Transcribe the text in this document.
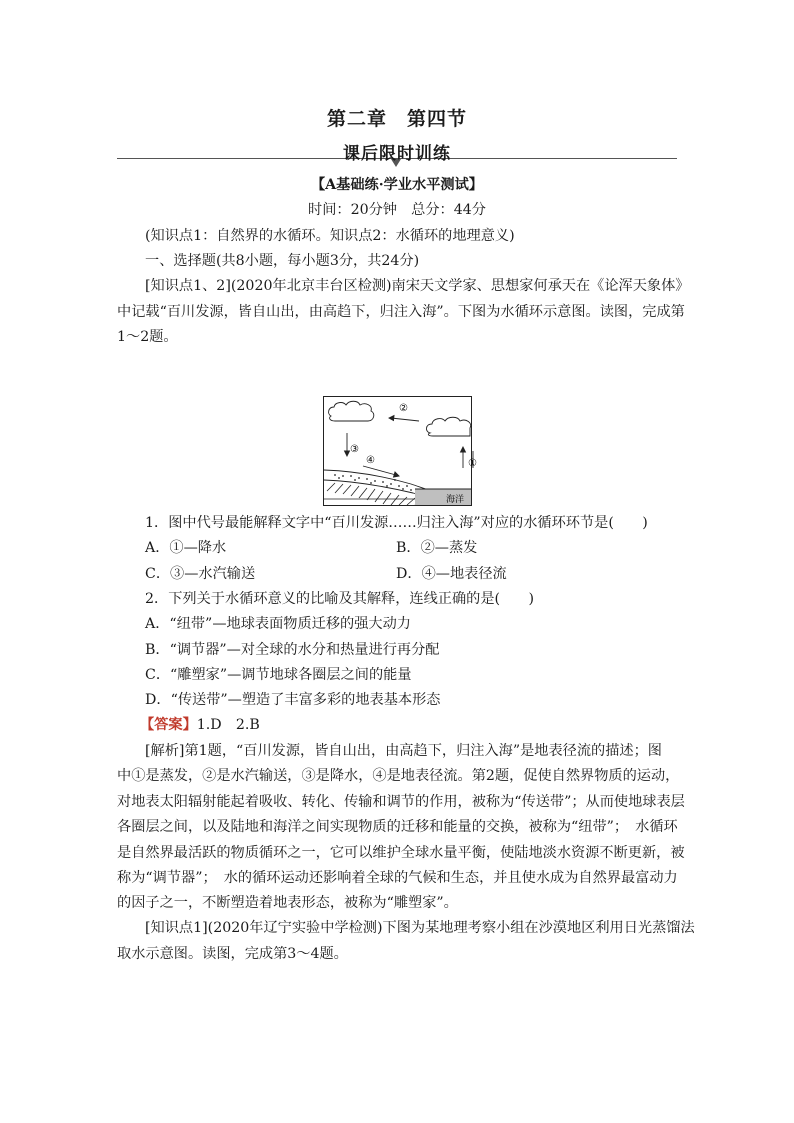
第二章　第四节
课后限时训练
【A基础练·学业水平测试】
时间：20分钟　总分：44分
(知识点1：自然界的水循环。知识点2：水循环的地理意义)
一、选择题(共8小题，每小题3分，共24分)
[知识点1、2](2020年北京丰台区检测)南宋天文学家、思想家何承天在《论浑天象体》
中记载“百川发源，皆自山出，由高趋下，归注入海”。下图为水循环示意图。读图，完成第
1～2题。
②
③
①
④
海洋
1．图中代号最能解释文字中“百川发源……归注入海”对应的水循环环节是(　　)
A．①—降水	B．②—蒸发
C．③—水汽输送	D．④—地表径流
2．下列关于水循环意义的比喻及其解释，连线正确的是(　　)
A．“纽带”—地球表面物质迁移的强大动力
B．“调节器”—对全球的水分和热量进行再分配
C．“雕塑家”—调节地球各圈层之间的能量
D．“传送带”—塑造了丰富多彩的地表基本形态
【答案】1.D　2.B
[解析]第1题，“百川发源，皆自山出，由高趋下，归注入海”是地表径流的描述；图
中①是蒸发，②是水汽输送，③是降水，④是地表径流。第2题，促使自然界物质的运动，
对地表太阳辐射能起着吸收、转化、传输和调节的作用，被称为“传送带”；从而使地球表层
各圈层之间，以及陆地和海洋之间实现物质的迁移和能量的交换，被称为“纽带”；　水循环
是自然界最活跃的物质循环之一，它可以维护全球水量平衡，使陆地淡水资源不断更新，被
称为“调节器”；　水的循环运动还影响着全球的气候和生态，并且使水成为自然界最富动力
的因子之一，不断塑造着地表形态，被称为“雕塑家”。
[知识点1](2020年辽宁实验中学检测)下图为某地理考察小组在沙漠地区利用日光蒸馏法
取水示意图。读图，完成第3～4题。
